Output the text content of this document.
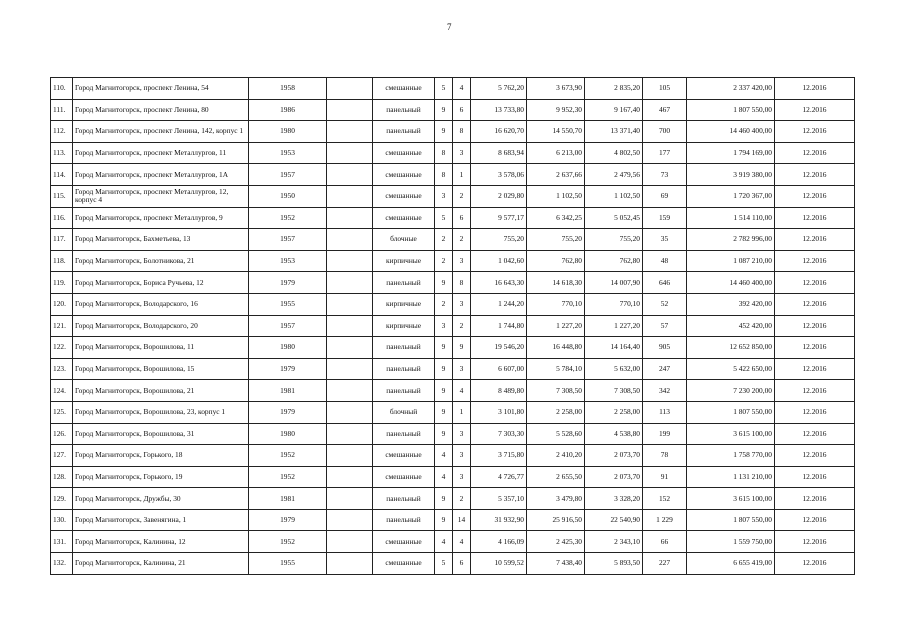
7
110.	Город Магнитогорск, проспект Ленина, 54	1958		смешанные	5	4	5 762,20	3 673,90	2 835,20	105	2 337 420,00	12.2016
111.	Город Магнитогорск, проспект Ленина, 80	1986		панельный	9	6	13 733,80	9 952,30	9 167,40	467	1 807 550,00	12.2016
112.	Город Магнитогорск, проспект Ленина, 142, корпус 1	1980		панельный	9	8	16 620,70	14 550,70	13 371,40	700	14 460 400,00	12.2016
113.	Город Магнитогорск, проспект Металлургов, 11	1953		смешанные	8	3	8 683,94	6 213,00	4 802,50	177	1 794 169,00	12.2016
114.	Город Магнитогорск, проспект Металлургов, 1А	1957		смешанные	8	1	3 578,06	2 637,66	2 479,56	73	3 919 380,00	12.2016
115.	Город Магнитогорск, проспект Металлургов, 12, корпус 4	1950		смешанные	3	2	2 029,80	1 102,50	1 102,50	69	1 720 367,00	12.2016
116.	Город Магнитогорск, проспект Металлургов, 9	1952		смешанные	5	6	9 577,17	6 342,25	5 052,45	159	1 514 110,00	12.2016
117.	Город Магнитогорск, Бахметьева, 13	1957		блочные	2	2	755,20	755,20	755,20	35	2 782 996,00	12.2016
118.	Город Магнитогорск, Болотникова, 21	1953		кирпичные	2	3	1 042,60	762,80	762,80	48	1 087 210,00	12.2016
119.	Город Магнитогорск, Бориса Ручьева, 12	1979		панельный	9	8	16 643,30	14 618,30	14 007,90	646	14 460 400,00	12.2016
120.	Город Магнитогорск, Володарского, 16	1955		кирпичные	2	3	1 244,20	770,10	770,10	52	392 420,00	12.2016
121.	Город Магнитогорск, Володарского, 20	1957		кирпичные	3	2	1 744,80	1 227,20	1 227,20	57	452 420,00	12.2016
122.	Город Магнитогорск, Ворошилова, 11	1980		панельный	9	9	19 546,20	16 448,80	14 164,40	905	12 652 850,00	12.2016
123.	Город Магнитогорск, Ворошилова, 15	1979		панельный	9	3	6 607,00	5 784,10	5 632,00	247	5 422 650,00	12.2016
124.	Город Магнитогорск, Ворошилова, 21	1981		панельный	9	4	8 489,80	7 308,50	7 308,50	342	7 230 200,00	12.2016
125.	Город Магнитогорск, Ворошилова, 23, корпус 1	1979		блочный	9	1	3 101,80	2 258,00	2 258,00	113	1 807 550,00	12.2016
126.	Город Магнитогорск, Ворошилова, 31	1980		панельный	9	3	7 303,30	5 528,60	4 538,80	199	3 615 100,00	12.2016
127.	Город Магнитогорск, Горького, 18	1952		смешанные	4	3	3 715,80	2 410,20	2 073,70	78	1 758 770,00	12.2016
128.	Город Магнитогорск, Горького, 19	1952		смешанные	4	3	4 726,77	2 655,50	2 073,70	91	1 131 210,00	12.2016
129.	Город Магнитогорск, Дружбы, 30	1981		панельный	9	2	5 357,10	3 479,80	3 328,20	152	3 615 100,00	12.2016
130.	Город Магнитогорск, Завенягина, 1	1979		панельный	9	14	31 932,90	25 916,50	22 540,90	1 229	1 807 550,00	12.2016
131.	Город Магнитогорск, Калинина, 12	1952		смешанные	4	4	4 166,09	2 425,30	2 343,10	66	1 559 750,00	12.2016
132.	Город Магнитогорск, Калинина, 21	1955		смешанные	5	6	10 599,52	7 438,40	5 893,50	227	6 655 419,00	12.2016
